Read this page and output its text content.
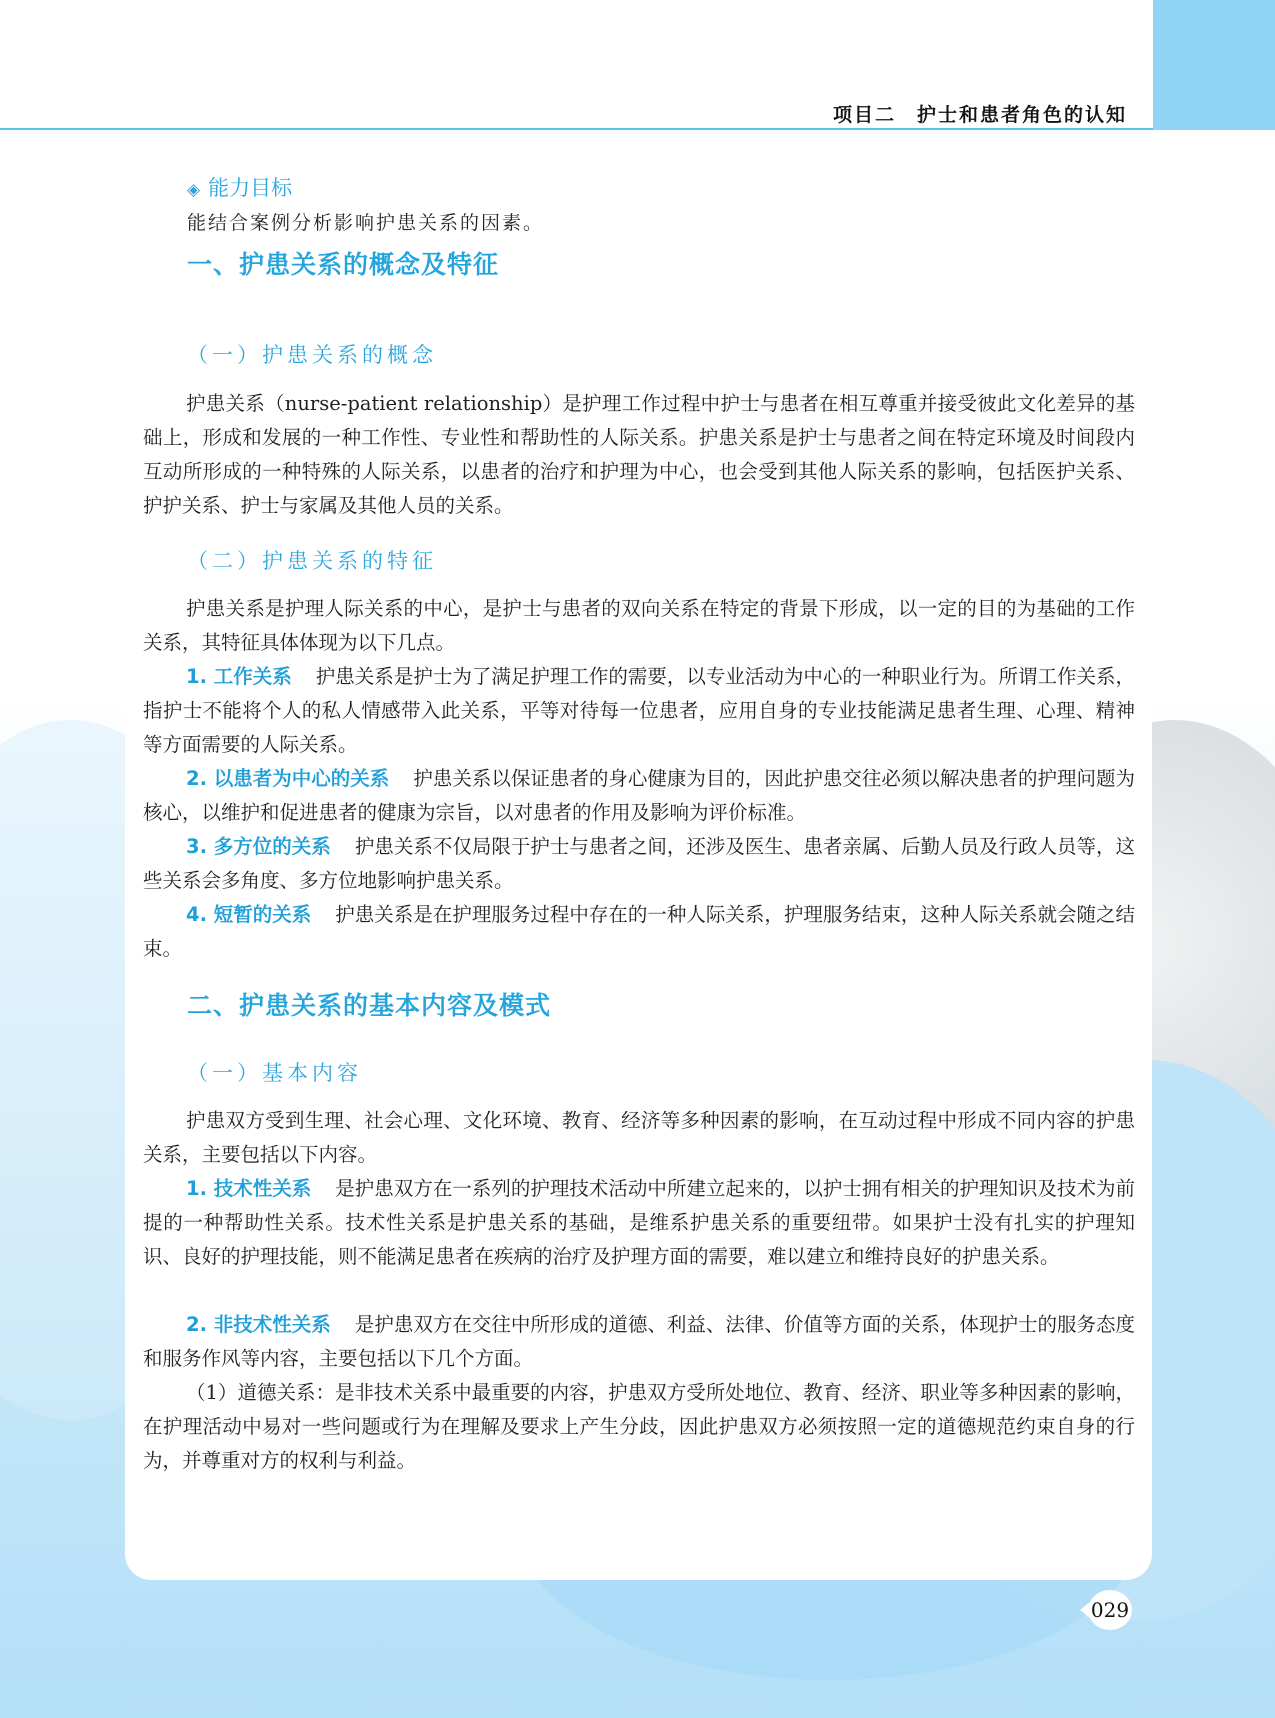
项目二　护士和患者角色的认知
◈ 能力目标
能结合案例分析影响护患关系的因素。
一、护患关系的概念及特征
（一）护患关系的概念

护患关系（nurse-patient relationship）是护理工作过程中护士与患者在相互尊重并接受彼此文化差异的基础上，形成和发展的一种工作性、专业性和帮助性的人际关系。护患关系是护士与患者之间在特定环境及时间段内互动所形成的一种特殊的人际关系，以患者的治疗和护理为中心，也会受到其他人际关系的影响，包括医护关系、护护关系、护士与家属及其他人员的关系。

（二）护患关系的特征

护患关系是护理人际关系的中心，是护士与患者的双向关系在特定的背景下形成，以一定的目的为基础的工作关系，其特征具体体现为以下几点。

1. 工作关系 护患关系是护士为了满足护理工作的需要，以专业活动为中心的一种职业行为。所谓工作关系，指护士不能将个人的私人情感带入此关系，平等对待每一位患者，应用自身的专业技能满足患者生理、心理、精神等方面需要的人际关系。

2. 以患者为中心的关系 护患关系以保证患者的身心健康为目的，因此护患交往必须以解决患者的护理问题为核心，以维护和促进患者的健康为宗旨，以对患者的作用及影响为评价标准。

3. 多方位的关系 护患关系不仅局限于护士与患者之间，还涉及医生、患者亲属、后勤人员及行政人员等，这些关系会多角度、多方位地影响护患关系。

4. 短暂的关系 护患关系是在护理服务过程中存在的一种人际关系，护理服务结束，这种人际关系就会随之结束。

二、护患关系的基本内容及模式
（一）基本内容

护患双方受到生理、社会心理、文化环境、教育、经济等多种因素的影响，在互动过程中形成不同内容的护患关系，主要包括以下内容。

1. 技术性关系 是护患双方在一系列的护理技术活动中所建立起来的，以护士拥有相关的护理知识及技术为前提的一种帮助性关系。技术性关系是护患关系的基础，是维系护患关系的重要纽带。如果护士没有扎实的护理知识、良好的护理技能，则不能满足患者在疾病的治疗及护理方面的需要，难以建立和维持良好的护患关系。

2. 非技术性关系 是护患双方在交往中所形成的道德、利益、法律、价值等方面的关系，体现护士的服务态度和服务作风等内容，主要包括以下几个方面。

（1）道德关系：是非技术关系中最重要的内容，护患双方受所处地位、教育、经济、职业等多种因素的影响，在护理活动中易对一些问题或行为在理解及要求上产生分歧，因此护患双方必须按照一定的道德规范约束自身的行为，并尊重对方的权利与利益。

029
